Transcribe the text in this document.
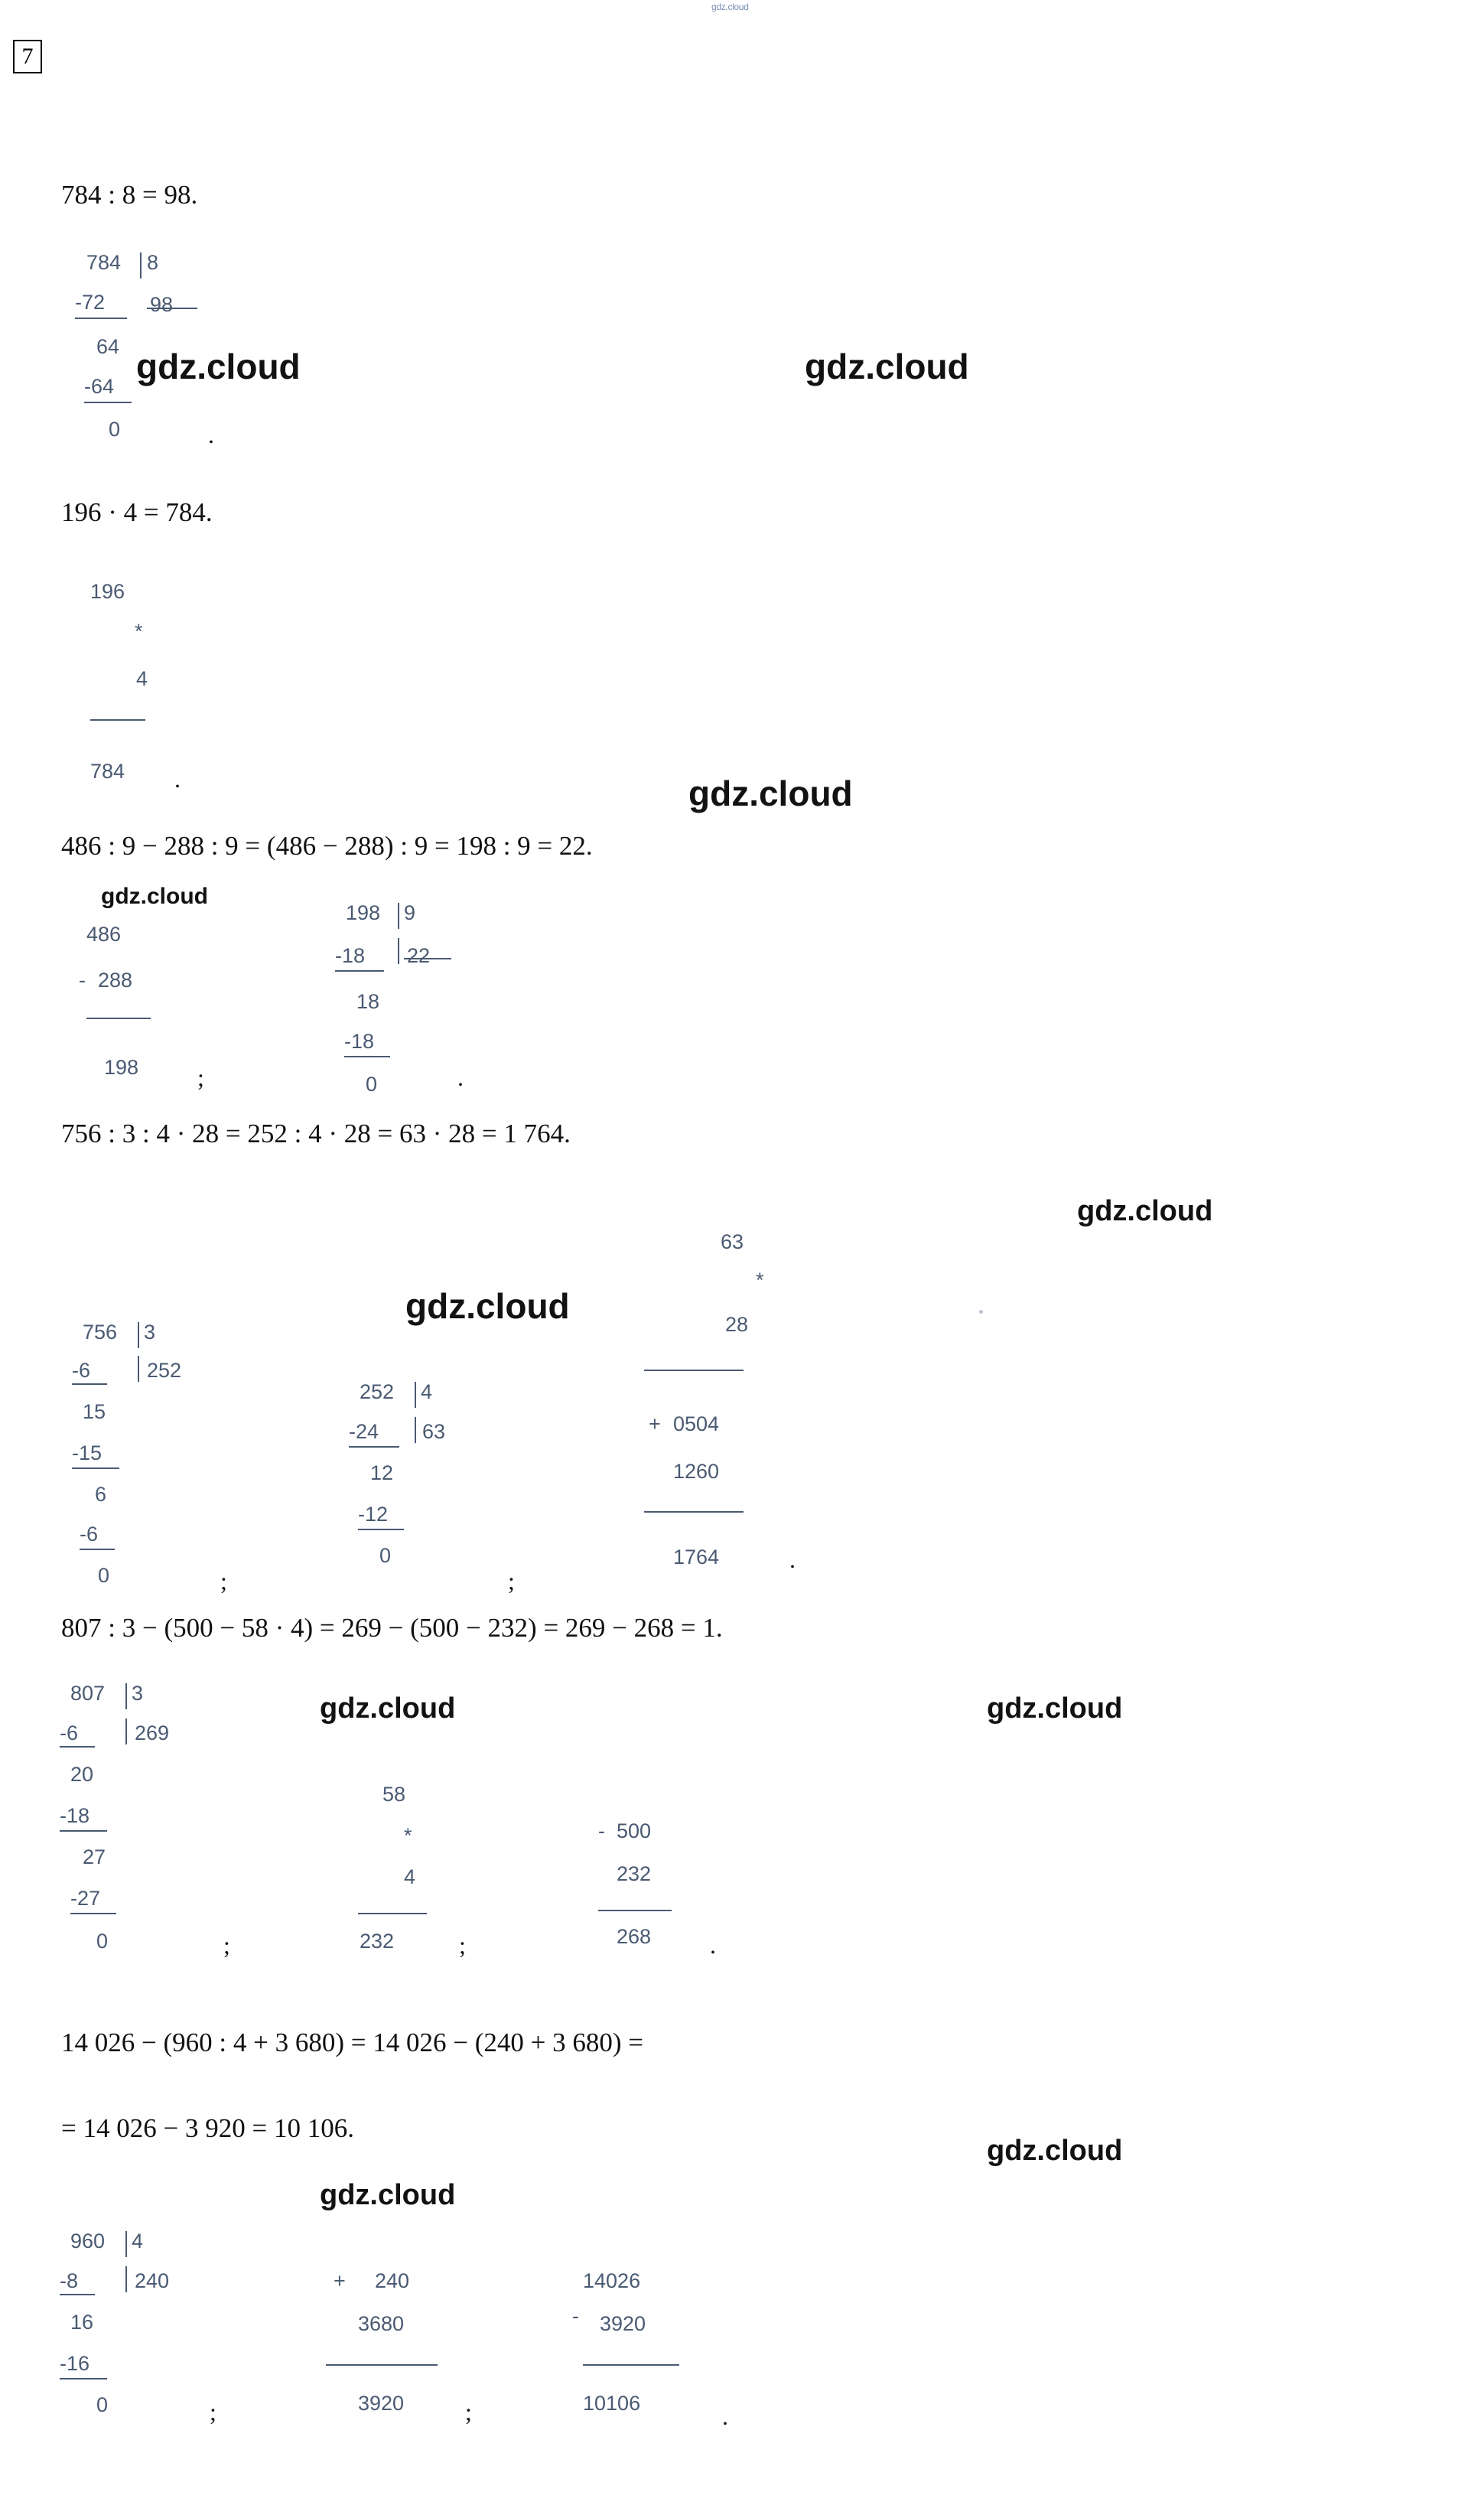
gdz.cloud
7
784 : 8 = 98.
784 8
-72 98
64
-64
0	.
gdz.cloud	gdz.cloud
196 · 4 = 784.
196
*
4
784 .	gdz.cloud
486 : 9 − 288 : 9 = (486 − 288) : 9 = 198 : 9 = 22.
gdz.cloud
486
- 288
198 ;
198 9
-18 22
18
-18
0	.
756 : 3 : 4 · 28 = 252 : 4 · 28 = 63 · 28 = 1 764.
gdz.cloud
63
*
28
0504
+
1260
1764	.
gdz.cloud
756 3
-6	252
15
-15
6
-6
0	;
252 4
-24 63
12
-12
0
;
807 : 3 − (500 − 58 · 4) = 269 − (500 − 232) = 269 − 268 = 1.
gdz.cloud	gdz.cloud
807 3
-6	269
20
-18
27
-27
0	;
58
*
4
232	;
500
-
232
268 .
14 026 − (960 : 4 + 3 680) = 14 026 − (240 + 3 680) =
= 14 026 − 3 920 = 10 106.
gdz.cloud
gdz.cloud
960 4
-8	240
16
-16
0	;
240
+
3680
3920 ;
14026
- 3920
10106	.
